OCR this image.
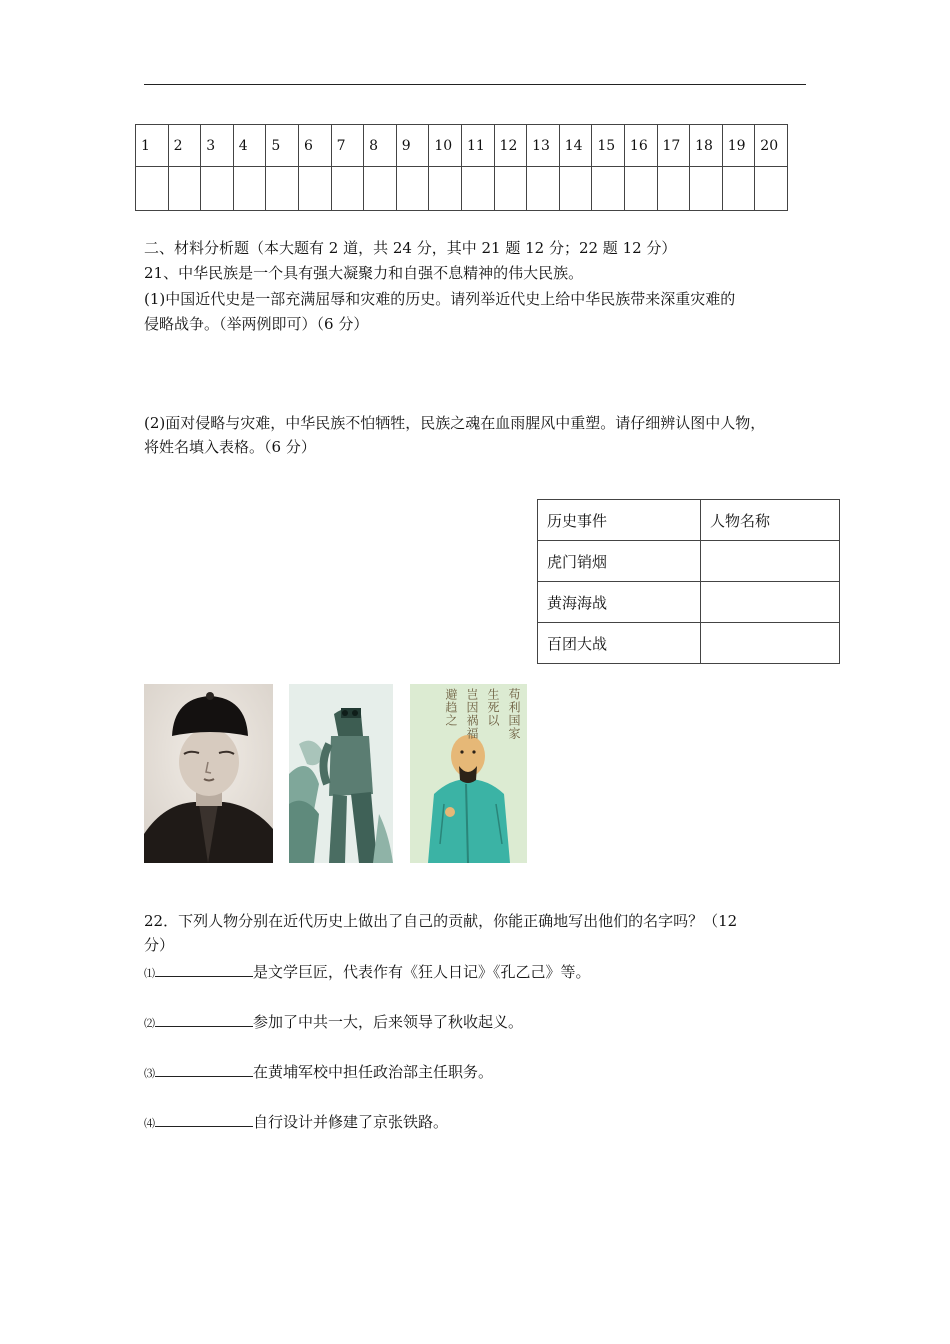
1	2	3	4	5	6	7	8	9	10	11	12	13	14	15	16	17	18	19	20

二、材料分析题（本大题有 2 道，共 24 分，其中 21 题 12 分；22 题 12 分）
21、中华民族是一个具有强大凝聚力和自强不息精神的伟大民族。
(1)中国近代史是一部充满屈辱和灾难的历史。请列举近代史上给中华民族带来深重灾难的
侵略战争。（举两例即可）（6 分）
(2)面对侵略与灾难，中华民族不怕牺牲，民族之魂在血雨腥风中重塑。请仔细辨认图中人物，
将姓名填入表格。（6 分）
历史事件	人物名称
虎门销烟	
黄海海战	
百团大战	
苟利国家
生死以
岂因祸福
避趋之
22．下列人物分别在近代历史上做出了自己的贡献，你能正确地写出他们的名字吗？（12
分）
⑴	是文学巨匠，代表作有《狂人日记》《孔乙己》等。
⑵	参加了中共一大，后来领导了秋收起义。
⑶	在黄埔军校中担任政治部主任职务。
⑷	自行设计并修建了京张铁路。
